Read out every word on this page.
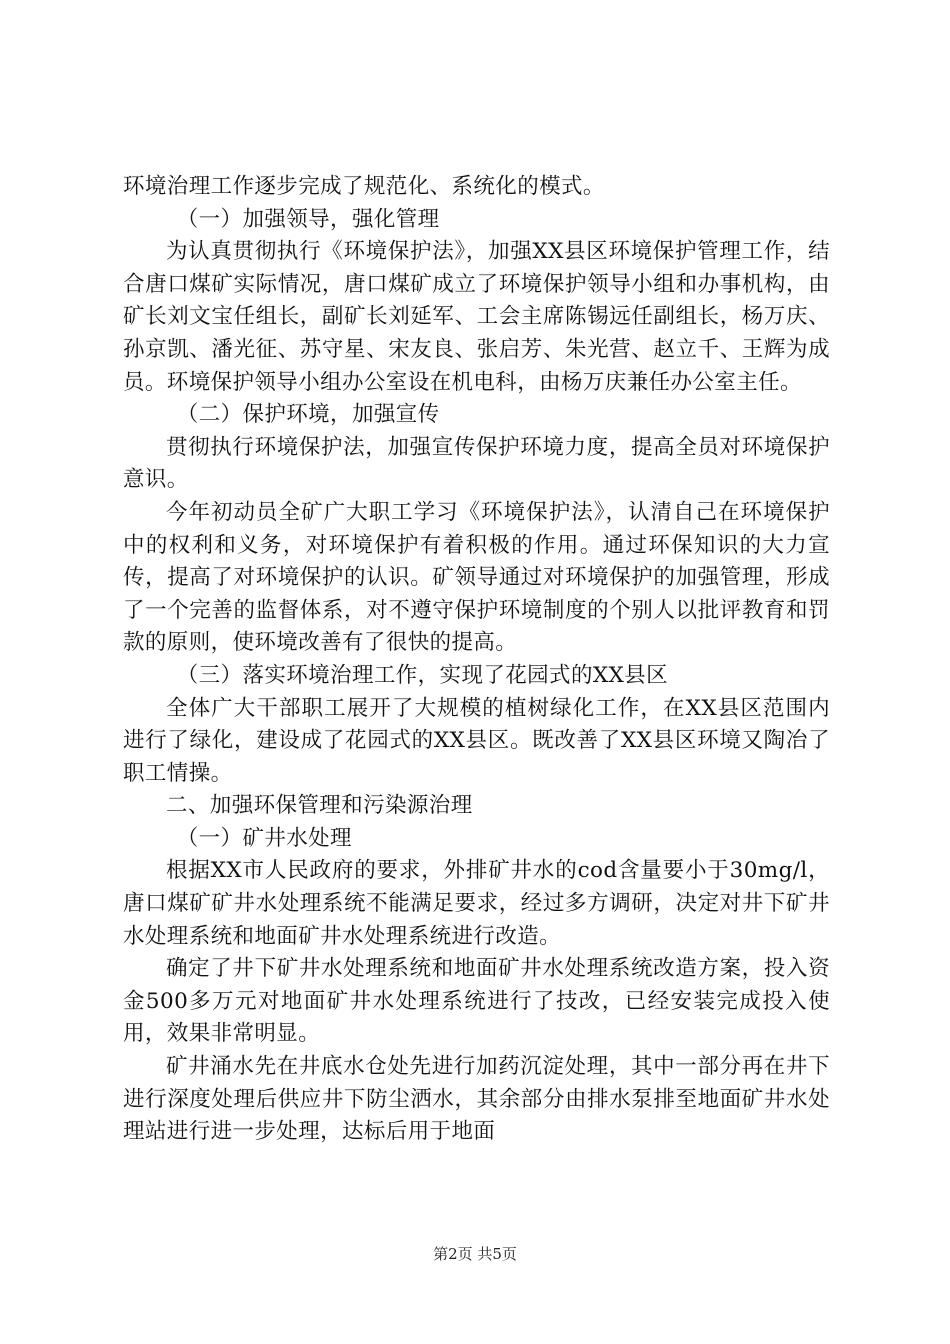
环境治理工作逐步完成了规范化、系统化的模式。

（一）加强领导，强化管理

为认真贯彻执行《环境保护法》，加强XX县区环境保护管理工作，结合唐口煤矿实际情况，唐口煤矿成立了环境保护领导小组和办事机构，由矿长刘文宝任组长，副矿长刘延军、工会主席陈锡远任副组长，杨万庆、孙京凯、潘光征、苏守星、宋友良、张启芳、朱光营、赵立千、王辉为成员。环境保护领导小组办公室设在机电科，由杨万庆兼任办公室主任。

（二）保护环境，加强宣传

贯彻执行环境保护法，加强宣传保护环境力度，提高全员对环境保护意识。

今年初动员全矿广大职工学习《环境保护法》，认清自己在环境保护中的权利和义务，对环境保护有着积极的作用。通过环保知识的大力宣传，提高了对环境保护的认识。矿领导通过对环境保护的加强管理，形成了一个完善的监督体系，对不遵守保护环境制度的个别人以批评教育和罚款的原则，使环境改善有了很快的提高。

（三）落实环境治理工作，实现了花园式的XX县区

全体广大干部职工展开了大规模的植树绿化工作，在XX县区范围内进行了绿化，建设成了花园式的XX县区。既改善了XX县区环境又陶冶了职工情操。

二、加强环保管理和污染源治理

（一）矿井水处理

根据XX市人民政府的要求，外排矿井水的cod含量要小于30mg/l，唐口煤矿矿井水处理系统不能满足要求，经过多方调研，决定对井下矿井水处理系统和地面矿井水处理系统进行改造。

确定了井下矿井水处理系统和地面矿井水处理系统改造方案，投入资金500多万元对地面矿井水处理系统进行了技改，已经安装完成投入使用，效果非常明显。

矿井涌水先在井底水仓处先进行加药沉淀处理，其中一部分再在井下进行深度处理后供应井下防尘洒水，其余部分由排水泵排至地面矿井水处理站进行进一步处理，达标后用于地面

第2页 共5页
